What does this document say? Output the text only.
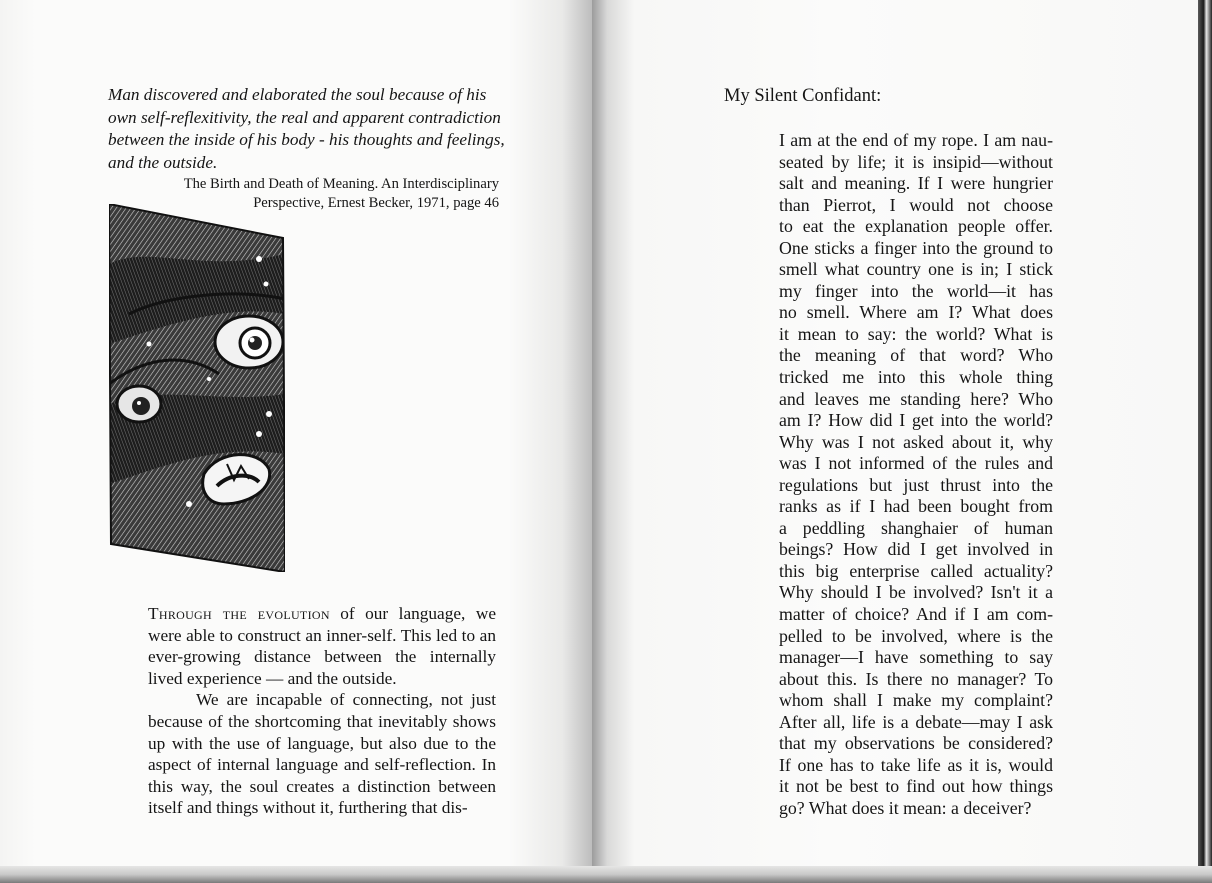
Man discovered and elaborated the soul because of his

own self-reflexitivity, the real and apparent contradiction

between the inside of his body - his thoughts and feelings,

and the outside.

The Birth and Death of Meaning. An Interdisciplinary

Perspective, Ernest Becker, 1971, page 46

Through the evolution of our language, we were able to construct an inner-self. This led to an ever-growing distance between the internally lived experience — and the outside.

We are incapable of connecting, not just because of the shortcoming that inevitably shows up with the use of language, but also due to the aspect of internal language and self-reflection. In this way, the soul creates a distinction between itself and things without it, furthering that dis-

My Silent Confidant:
I am at the end of my rope. I am nau-
seated by life; it is insipid—without
salt and meaning. If I were hungrier
than Pierrot, I would not choose
to eat the explanation people offer.
One sticks a finger into the ground to
smell what country one is in; I stick
my finger into the world—it has
no smell. Where am I? What does
it mean to say: the world? What is
the meaning of that word? Who
tricked me into this whole thing
and leaves me standing here? Who
am I? How did I get into the world?
Why was I not asked about it, why
was I not informed of the rules and
regulations but just thrust into the
ranks as if I had been bought from
a peddling shanghaier of human
beings? How did I get involved in
this big enterprise called actuality?
Why should I be involved? Isn't it a
matter of choice? And if I am com-
pelled to be involved, where is the
manager—I have something to say
about this. Is there no manager? To
whom shall I make my complaint?
After all, life is a debate—may I ask
that my observations be considered?
If one has to take life as it is, would
it not be best to find out how things
go? What does it mean: a deceiver?
